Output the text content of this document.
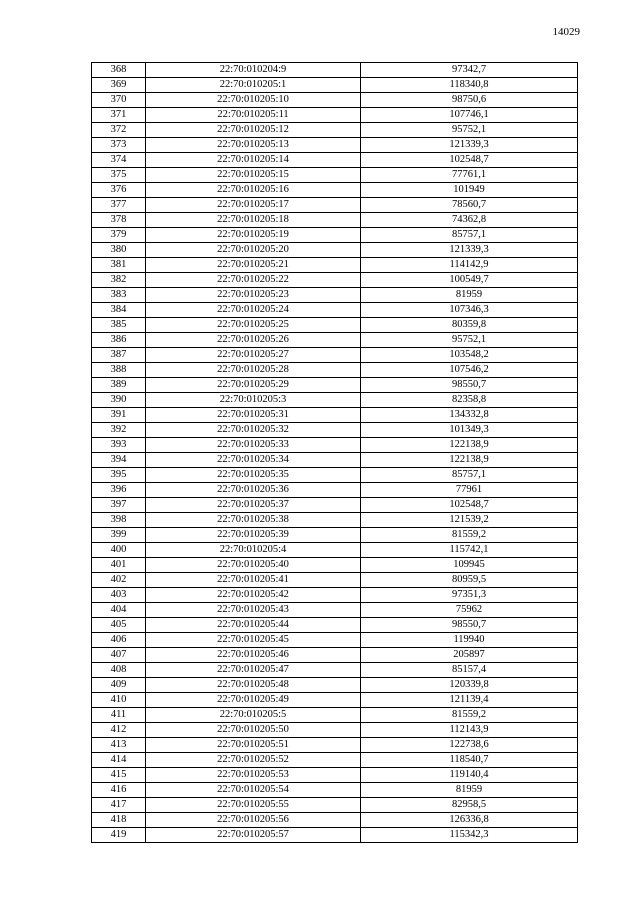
14029
368	22:70:010204:9	97342,7
369	22:70:010205:1	118340,8
370	22:70:010205:10	98750,6
371	22:70:010205:11	107746,1
372	22:70:010205:12	95752,1
373	22:70:010205:13	121339,3
374	22:70:010205:14	102548,7
375	22:70:010205:15	77761,1
376	22:70:010205:16	101949
377	22:70:010205:17	78560,7
378	22:70:010205:18	74362,8
379	22:70:010205:19	85757,1
380	22:70:010205:20	121339,3
381	22:70:010205:21	114142,9
382	22:70:010205:22	100549,7
383	22:70:010205:23	81959
384	22:70:010205:24	107346,3
385	22:70:010205:25	80359,8
386	22:70:010205:26	95752,1
387	22:70:010205:27	103548,2
388	22:70:010205:28	107546,2
389	22:70:010205:29	98550,7
390	22:70:010205:3	82358,8
391	22:70:010205:31	134332,8
392	22:70:010205:32	101349,3
393	22:70:010205:33	122138,9
394	22:70:010205:34	122138,9
395	22:70:010205:35	85757,1
396	22:70:010205:36	77961
397	22:70:010205:37	102548,7
398	22:70:010205:38	121539,2
399	22:70:010205:39	81559,2
400	22:70:010205:4	115742,1
401	22:70:010205:40	109945
402	22:70:010205:41	80959,5
403	22:70:010205:42	97351,3
404	22:70:010205:43	75962
405	22:70:010205:44	98550,7
406	22:70:010205:45	119940
407	22:70:010205:46	205897
408	22:70:010205:47	85157,4
409	22:70:010205:48	120339,8
410	22:70:010205:49	121139,4
411	22:70:010205:5	81559,2
412	22:70:010205:50	112143,9
413	22:70:010205:51	122738,6
414	22:70:010205:52	118540,7
415	22:70:010205:53	119140,4
416	22:70:010205:54	81959
417	22:70:010205:55	82958,5
418	22:70:010205:56	126336,8
419	22:70:010205:57	115342,3
